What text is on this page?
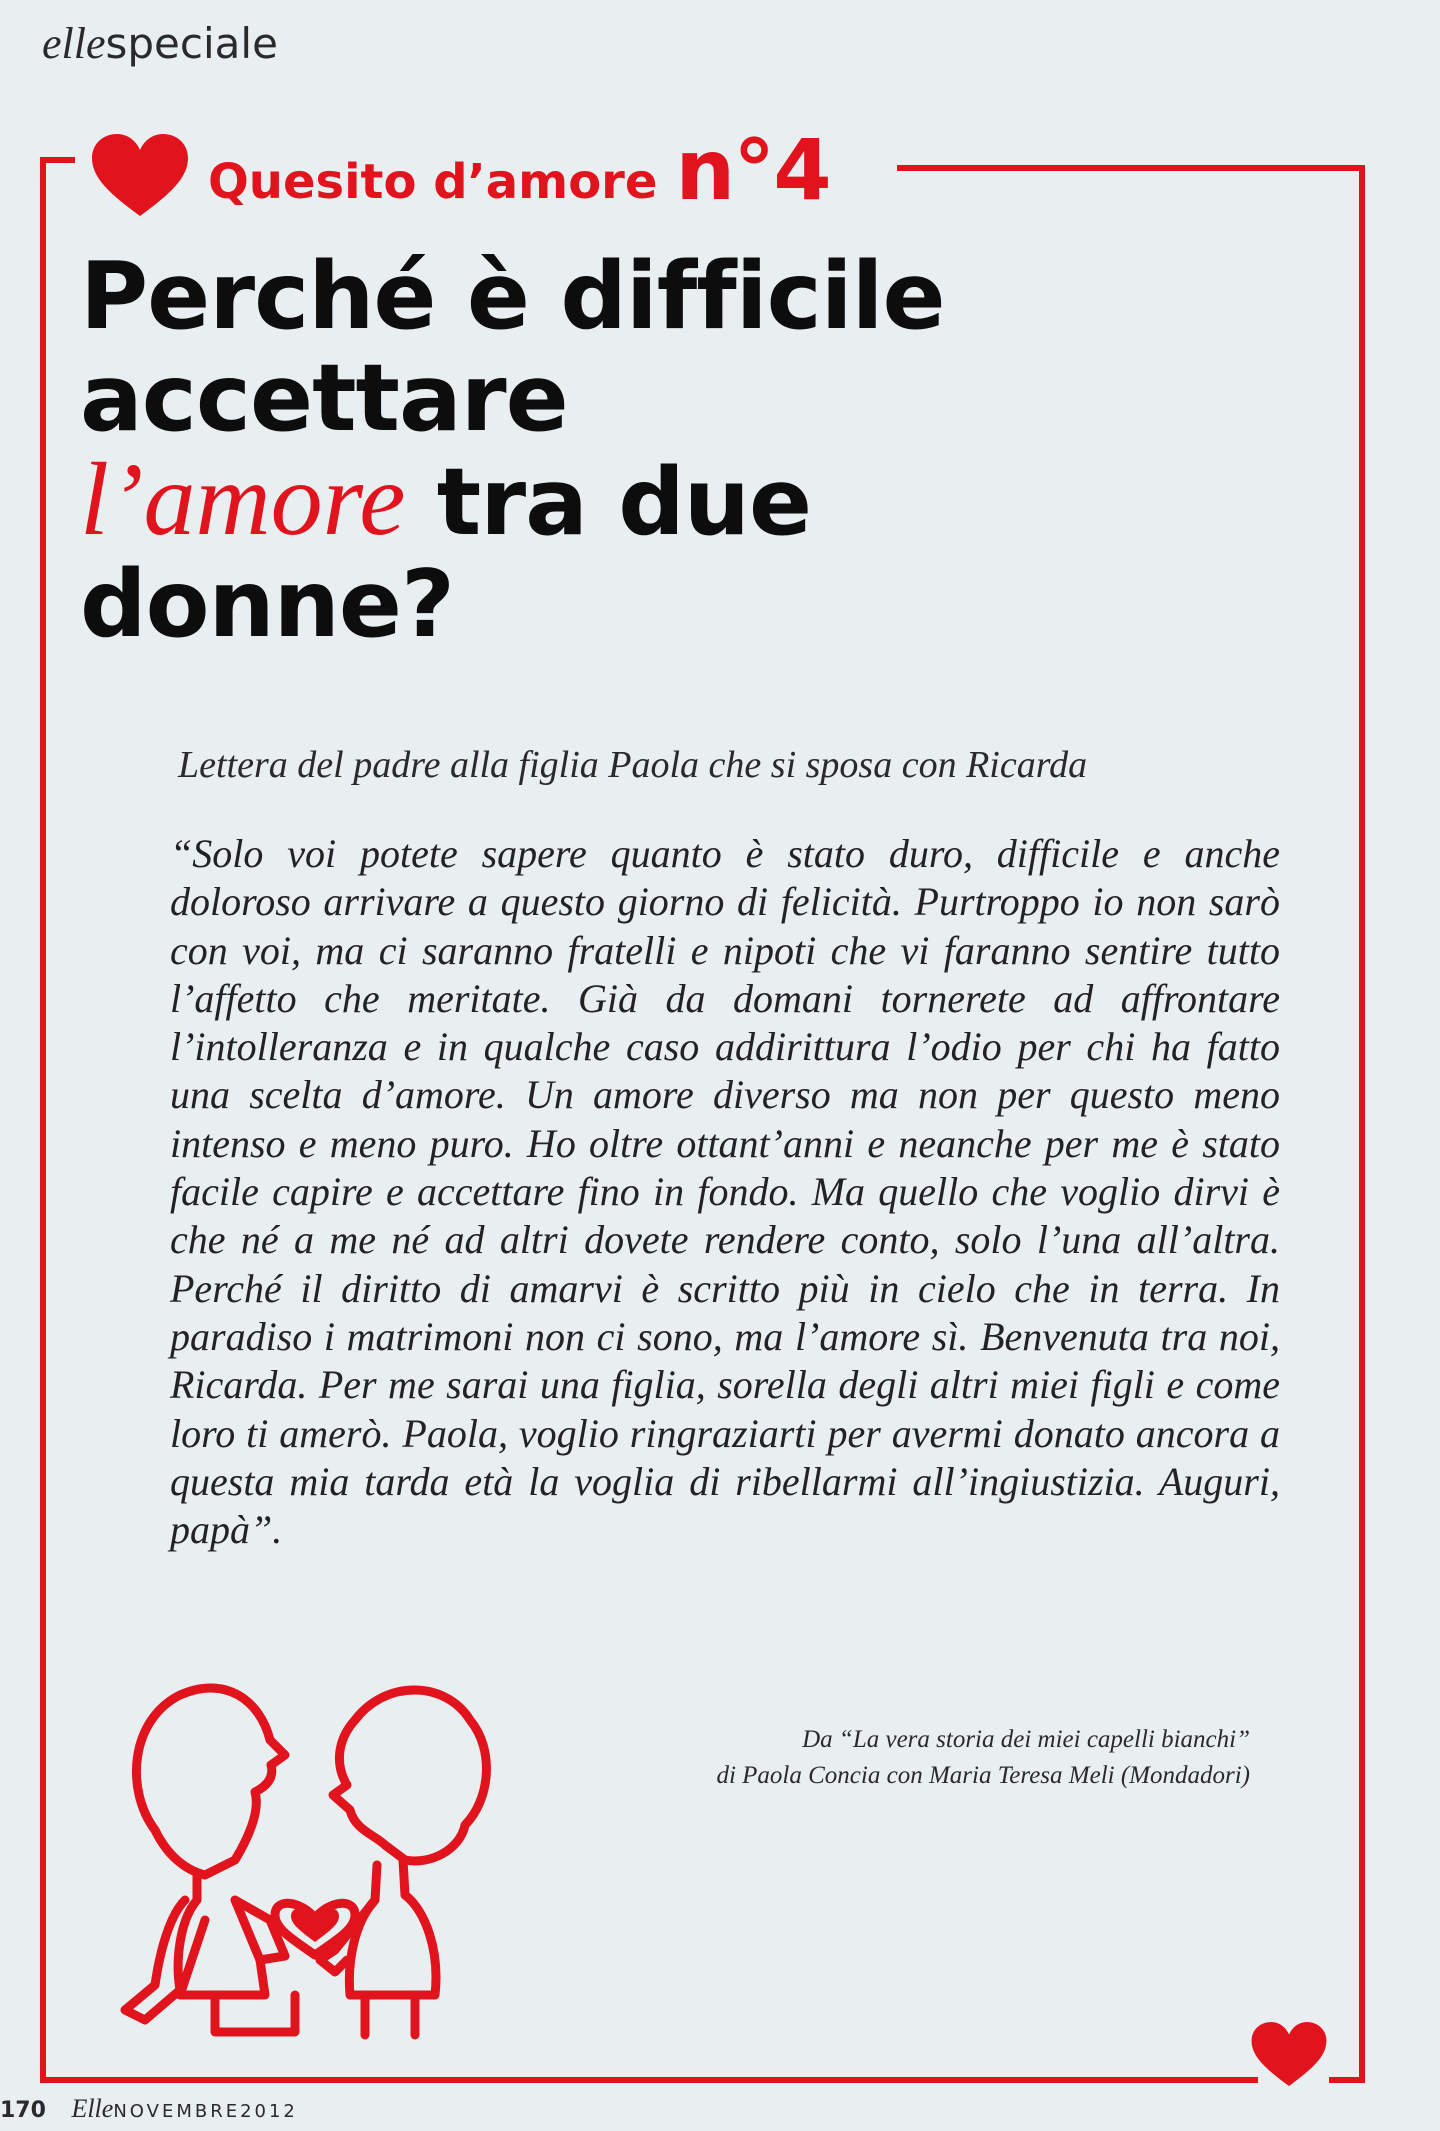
ellespeciale
Quesito d’amore n°4
Perché è difficile
accettare
l’amore tra due
donne?
Lettera del padre alla figlia Paola che si sposa con Ricarda

“Solo voi potete sapere quanto è stato duro, difficile e anche doloroso arrivare a questo giorno di felicità. Purtroppo io non sarò con voi, ma ci saranno fratelli e nipoti che vi faranno sentire tutto l’affetto che meritate. Già da domani tornerete ad affrontare l’intolleranza e in qualche caso addirittura l’odio per chi ha fatto una scelta d’amore. Un amore diverso ma non per questo meno intenso e meno puro. Ho oltre ottant’anni e neanche per me è stato facile capire e accettare fino in fondo. Ma quello che voglio dirvi è che né a me né ad altri dovete rendere conto, solo l’una all’altra. Perché il diritto di amarvi è scritto più in cielo che in terra. In paradiso i matrimoni non ci sono, ma l’amore sì. Benvenuta tra noi, Ricarda. Per me sarai una figlia, sorella degli altri miei figli e come loro ti amerò. Paola, voglio ringraziarti per avermi donato ancora a questa mia tarda età la voglia di ribellarmi all’ingiustizia. Auguri, papà”.

Da “La vera storia dei miei capelli bianchi”
di Paola Concia con Maria Teresa Meli (Mondadori)
170 ElleNOVEMBRE2012
